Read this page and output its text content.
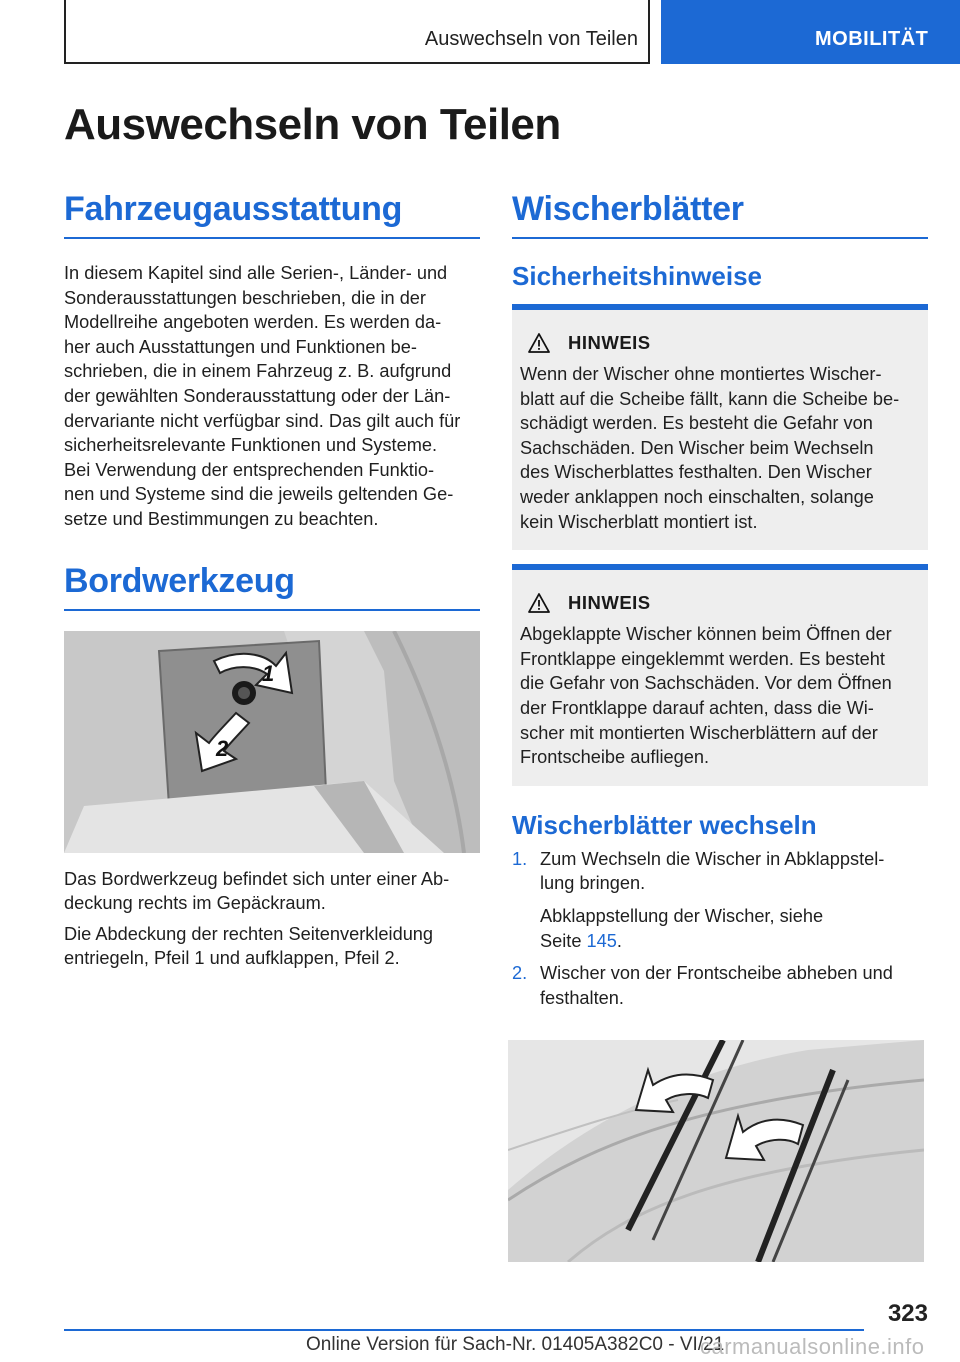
Auswechseln von Teilen	MOBILITÄT
Auswechseln von Teilen
Fahrzeugausstattung

In diesem Kapitel sind alle Serien-, Länder- und

Sonderausstattungen beschrieben, die in der

Modellreihe angeboten werden. Es werden da-

her auch Ausstattungen und Funktionen be-

schrieben, die in einem Fahrzeug z. B. aufgrund

der gewählten Sonderausstattung oder der Län-

dervariante nicht verfügbar sind. Das gilt auch für

sicherheitsrelevante Funktionen und Systeme.

Bei Verwendung der entsprechenden Funktio-

nen und Systeme sind die jeweils geltenden Ge-

setze und Bestimmungen zu beachten.

Bordwerkzeug
1
2

Das Bordwerkzeug befindet sich unter einer Ab-

deckung rechts im Gepäckraum.

Die Abdeckung der rechten Seitenverkleidung

entriegeln, Pfeil 1 und aufklappen, Pfeil 2.

Wischerblätter
Sicherheitshinweise
HINWEIS

Wenn der Wischer ohne montiertes Wischer-

blatt auf die Scheibe fällt, kann die Scheibe be-

schädigt werden. Es besteht die Gefahr von

Sachschäden. Den Wischer beim Wechseln

des Wischerblattes festhalten. Den Wischer

weder anklappen noch einschalten, solange

kein Wischerblatt montiert ist.

HINWEIS

Abgeklappte Wischer können beim Öffnen der

Frontklappe eingeklemmt werden. Es besteht

die Gefahr von Sachschäden. Vor dem Öffnen

der Frontklappe darauf achten, dass die Wi-

scher mit montierten Wischerblättern auf der

Frontscheibe aufliegen.

Wischerblätter wechseln
1. Zum Wechseln die Wischer in Abklappstel-

lung bringen.

Abklappstellung der Wischer, siehe

Seite 145.

2. Wischer von der Frontscheibe abheben und

festhalten.

323
Online Version für Sach-Nr. 01405A382C0 - VI/21
carmanualsonline.info
